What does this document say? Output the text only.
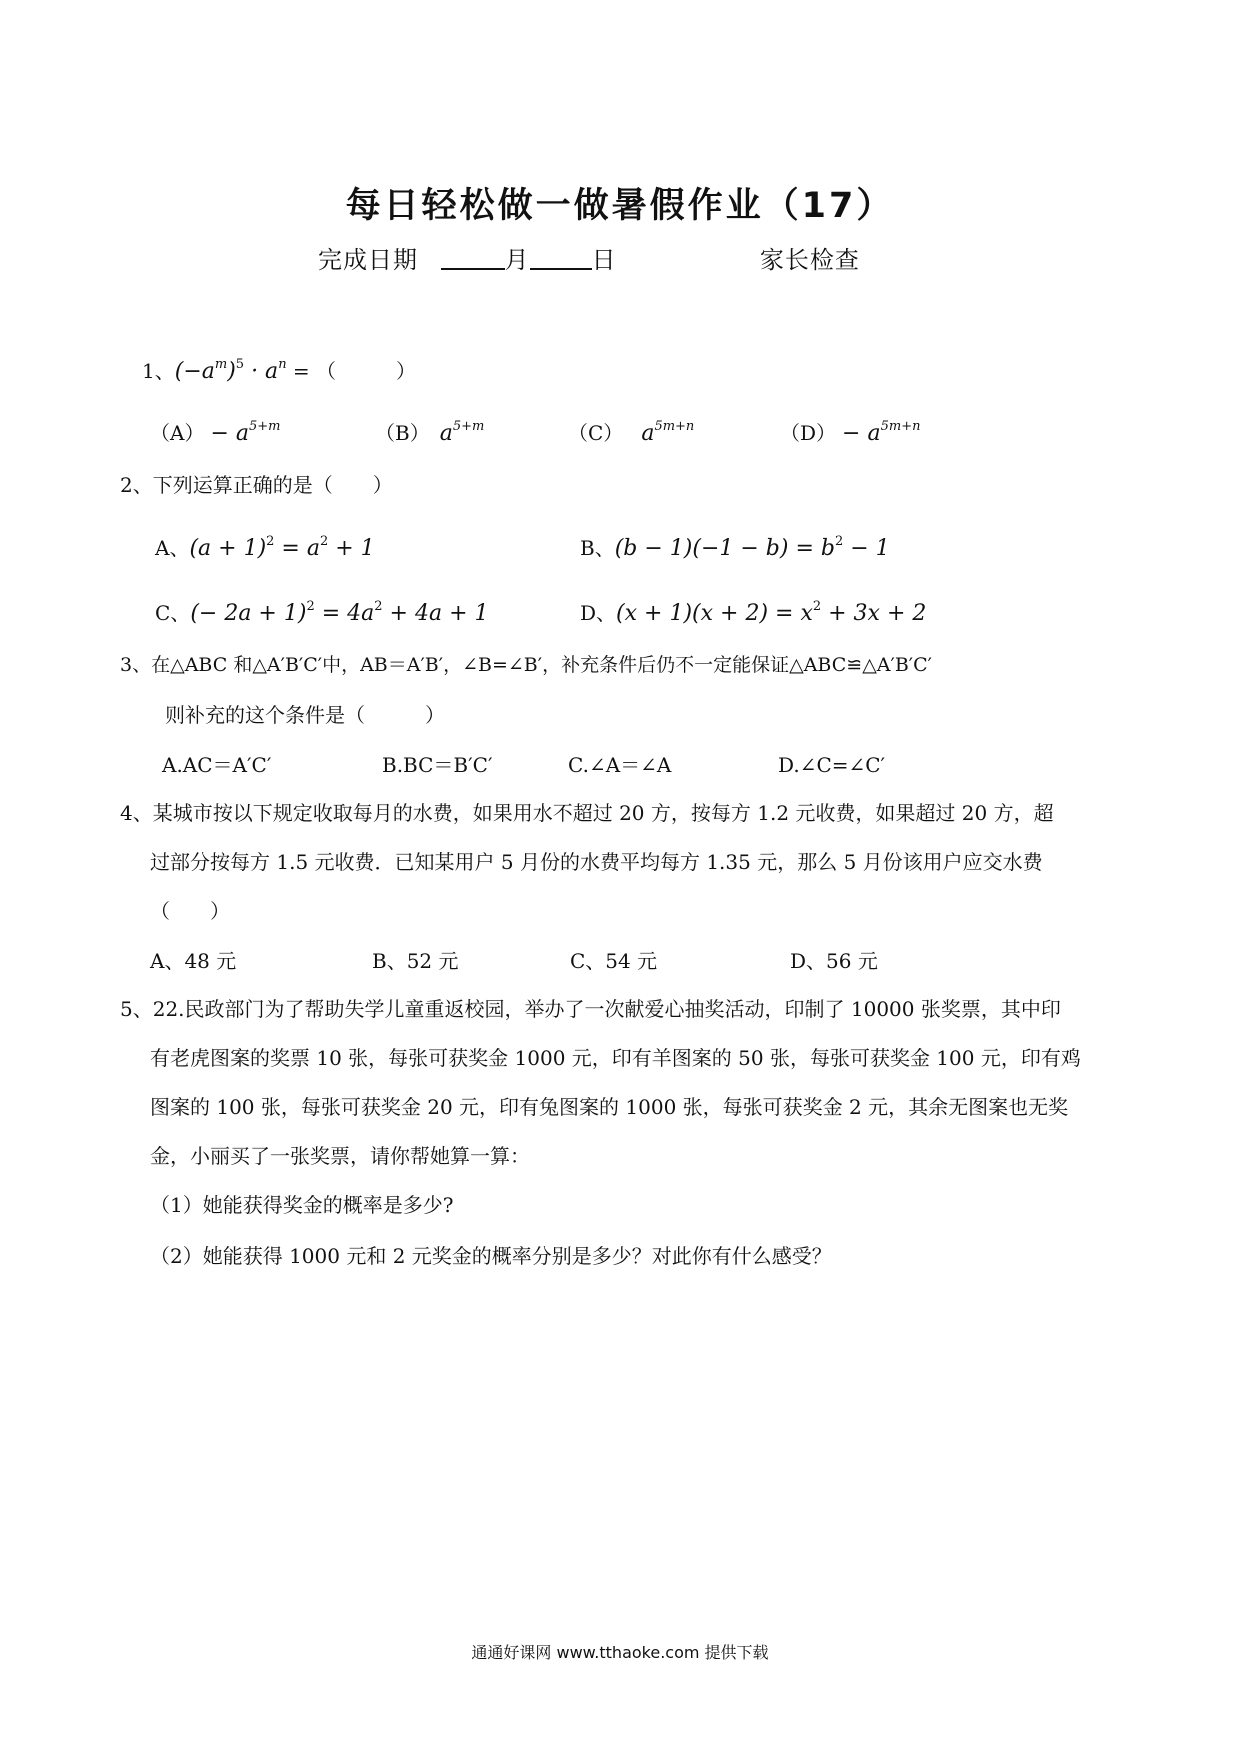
每日轻松做一做暑假作业（17）
完成日期	月	日	家长检查
1、$(-a^m)^5 \cdot a^n$ = （　　　）
$(A) - a^{5+m}$	（B） $a^{5+m}$	（C） $a^{5m+n}$	$(D) - a^{5m+n}$
2、下列运算正确的是（　　）
A、$(a + 1)^2 = a^2 + 1$	B、$(b - 1)(-1 - b) = b^2 - 1$
C、(− $2a + 1)^2 = 4a^2 + 4a + 1$	D、$(x + 1)(x + 2) = x^2 + 3x + 2$
3、在△ABC 和△A′B′C′中，AB＝A′B′，∠B=∠B′，补充条件后仍不一定能保证△ABC≌△A′B′C′
则补充的这个条件是（　　　）
A.AC＝A′C′	B.BC＝B′C′	C.∠A＝∠A	D.∠C=∠C′
4、某城市按以下规定收取每月的水费，如果用水不超过 20 方，按每方 1.2 元收费，如果超过 20 方，超
过部分按每方 1.5 元收费．已知某用户 5 月份的水费平均每方 1.35 元，那么 5 月份该用户应交水费
（　　）
A、48 元	B、52 元	C、54 元	D、56 元
5、22.民政部门为了帮助失学儿童重返校园，举办了一次献爱心抽奖活动，印制了 10000 张奖票，其中印
有老虎图案的奖票 10 张，每张可获奖金 1000 元，印有羊图案的 50 张，每张可获奖金 100 元，印有鸡
图案的 100 张，每张可获奖金 20 元，印有兔图案的 1000 张，每张可获奖金 2 元，其余无图案也无奖
金，小丽买了一张奖票，请你帮她算一算：
（1）她能获得奖金的概率是多少?
（2）她能获得 1000 元和 2 元奖金的概率分别是多少？对此你有什么感受？
通通好课网 www.tthaoke.com 提供下载
